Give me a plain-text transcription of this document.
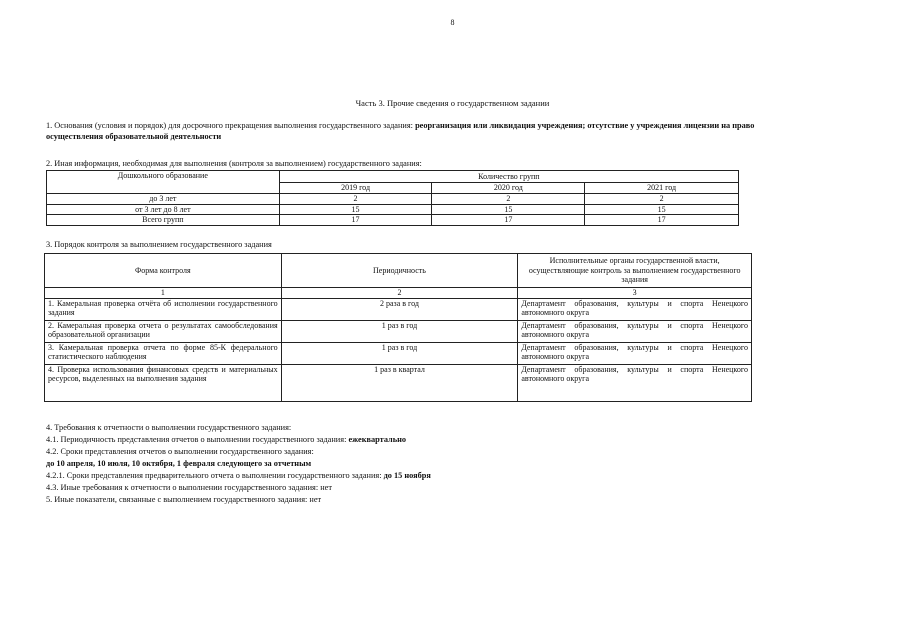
8
Часть 3. Прочие сведения о государственном задании
1. Основания (условия и порядок) для досрочного прекращения выполнения государственного задания: реорганизация или ликвидация учреждения; отсутствие у учреждения лицензии на право осуществления образовательной деятельности
2. Иная информация, необходимая для выполнения (контроля за выполнением) государственного задания:
Дошкольного образование	Количество групп		
	2019 год	2020 год	2021 год
до 3 лет	2	2	2
от 3 лет до 8 лет	15	15	15
Всего групп	17	17	17
3. Порядок контроля за выполнением государственного задания
Форма контроля	Периодичность	Исполнительные органы государственной власти, осуществляющие контроль за выполнением государственного задания
1	2	3
1. Камеральная проверка отчёта об исполнении государственного задания	2 раза в год	Департамент образования, культуры и спорта Ненецкого автономного округа
2. Камеральная проверка отчета о результатах самообследования образовательной организации	1 раз в год	Департамент образования, культуры и спорта Ненецкого автономного округа
3. Камеральная проверка отчета по форме 85-К федерального статистического наблюдения	1 раз в год	Департамент образования, культуры и спорта Ненецкого автономного округа
4. Проверка использования финансовых средств и материальных ресурсов, выделенных на выполнения задания	1 раз в квартал	Департамент образования, культуры и спорта Ненецкого автономного округа
4. Требования к отчетности о выполнении государственного задания:
4.1. Периодичность представления отчетов о выполнении государственного задания: ежеквартально
4.2. Сроки представления отчетов о выполнении государственного задания:
до 10 апреля, 10 июля, 10 октября, 1 февраля следующего за отчетным
4.2.1. Сроки представления предварительного отчета о выполнении государственного задания: до 15 ноября
4.3. Иные требования к отчетности о выполнении государственного задания: нет
5. Иные показатели, связанные с выполнением государственного задания: нет
